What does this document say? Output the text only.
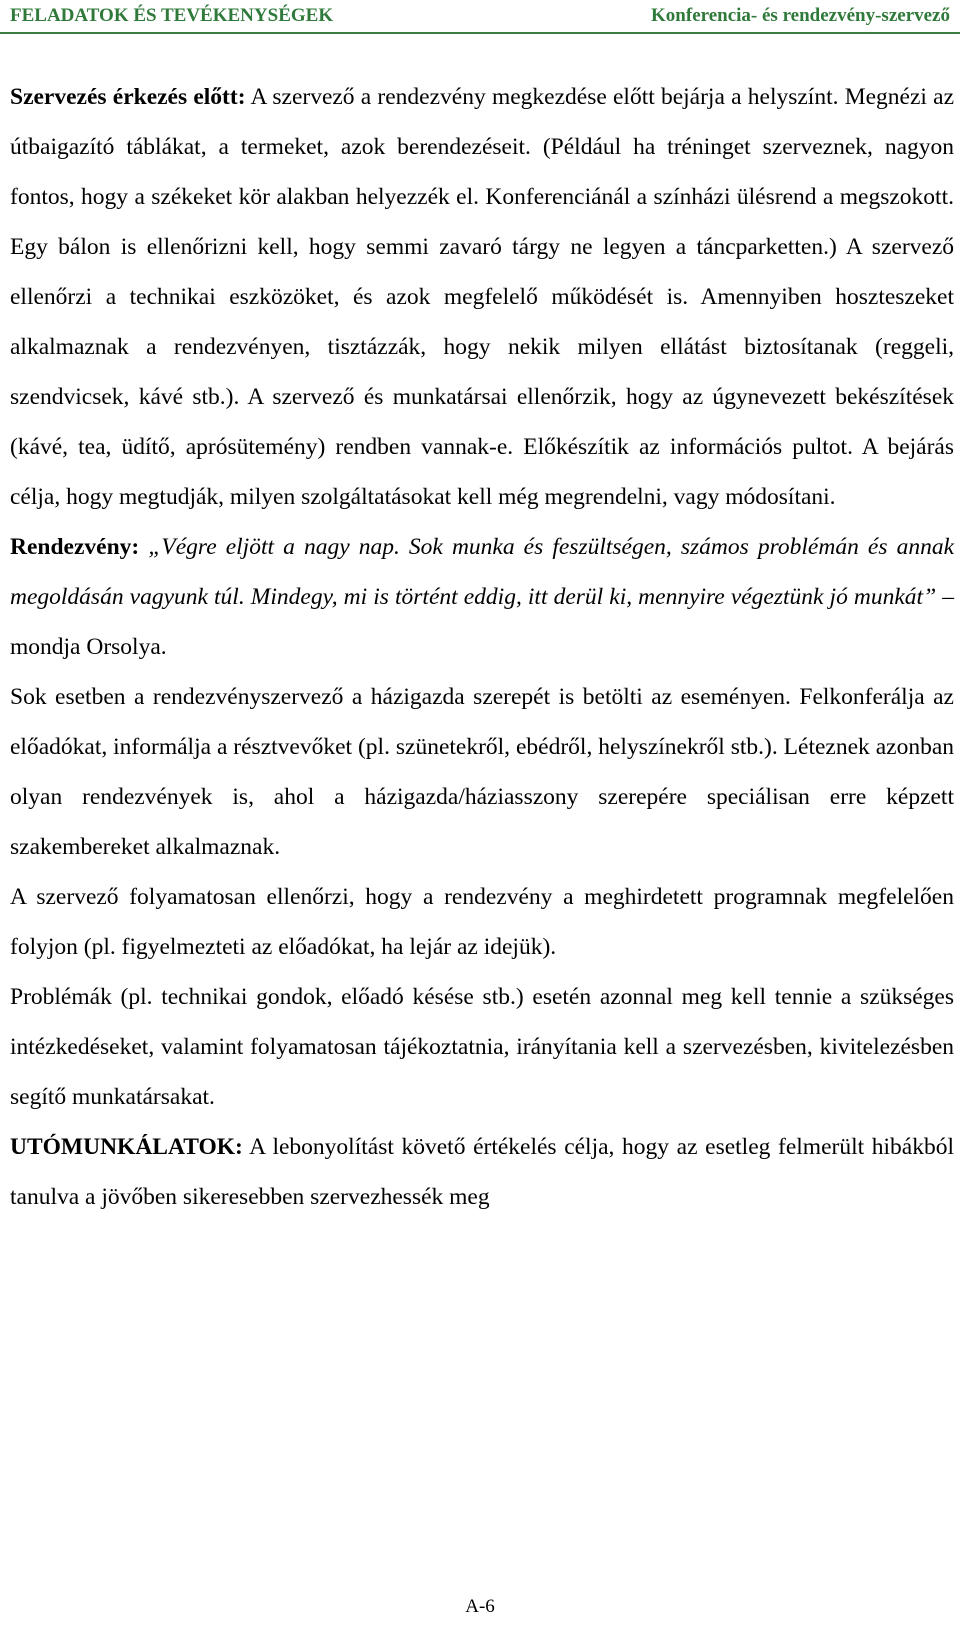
FELADATOK ÉS TEVÉKENYSÉGEK	Konferencia- és rendezvény-szervező

Szervezés érkezés előtt: A szervező a rendezvény megkezdése előtt bejárja a helyszínt. Megnézi az útbaigazító táblákat, a termeket, azok berendezéseit. (Például ha tréninget szerveznek, nagyon fontos, hogy a székeket kör alakban helyezzék el. Konferenciánál a színházi ülésrend a megszokott. Egy bálon is ellenőrizni kell, hogy semmi zavaró tárgy ne legyen a táncparketten.) A szervező ellenőrzi a technikai eszközöket, és azok megfelelő működését is. Amennyiben hoszteszeket alkalmaznak a rendezvényen, tisztázzák, hogy nekik milyen ellátást biztosítanak (reggeli, szendvicsek, kávé stb.). A szervező és munkatársai ellenőrzik, hogy az úgynevezett bekészítések (kávé, tea, üdítő, aprósütemény) rendben vannak-e. Előkészítik az információs pultot. A bejárás célja, hogy megtudják, milyen szolgáltatásokat kell még megrendelni, vagy módosítani.

Rendezvény: „Végre eljött a nagy nap. Sok munka és feszültségen, számos problémán és annak megoldásán vagyunk túl. Mindegy, mi is történt eddig, itt derül ki, mennyire végeztünk jó munkát” – mondja Orsolya.

Sok esetben a rendezvényszervező a házigazda szerepét is betölti az eseményen. Felkonferálja az előadókat, informálja a résztvevőket (pl. szünetekről, ebédről, helyszínekről stb.). Léteznek azonban olyan rendezvények is, ahol a házigazda/háziasszony szerepére speciálisan erre képzett szakembereket alkalmaznak.

A szervező folyamatosan ellenőrzi, hogy a rendezvény a meghirdetett programnak megfelelően folyjon (pl. figyelmezteti az előadókat, ha lejár az idejük).

Problémák (pl. technikai gondok, előadó késése stb.) esetén azonnal meg kell tennie a szükséges intézkedéseket, valamint folyamatosan tájékoztatnia, irányítania kell a szervezésben, kivitelezésben segítő munkatársakat.

UTÓMUNKÁLATOK: A lebonyolítást követő értékelés célja, hogy az esetleg felmerült hibákból tanulva a jövőben sikeresebben szervezhessék meg

A-6
